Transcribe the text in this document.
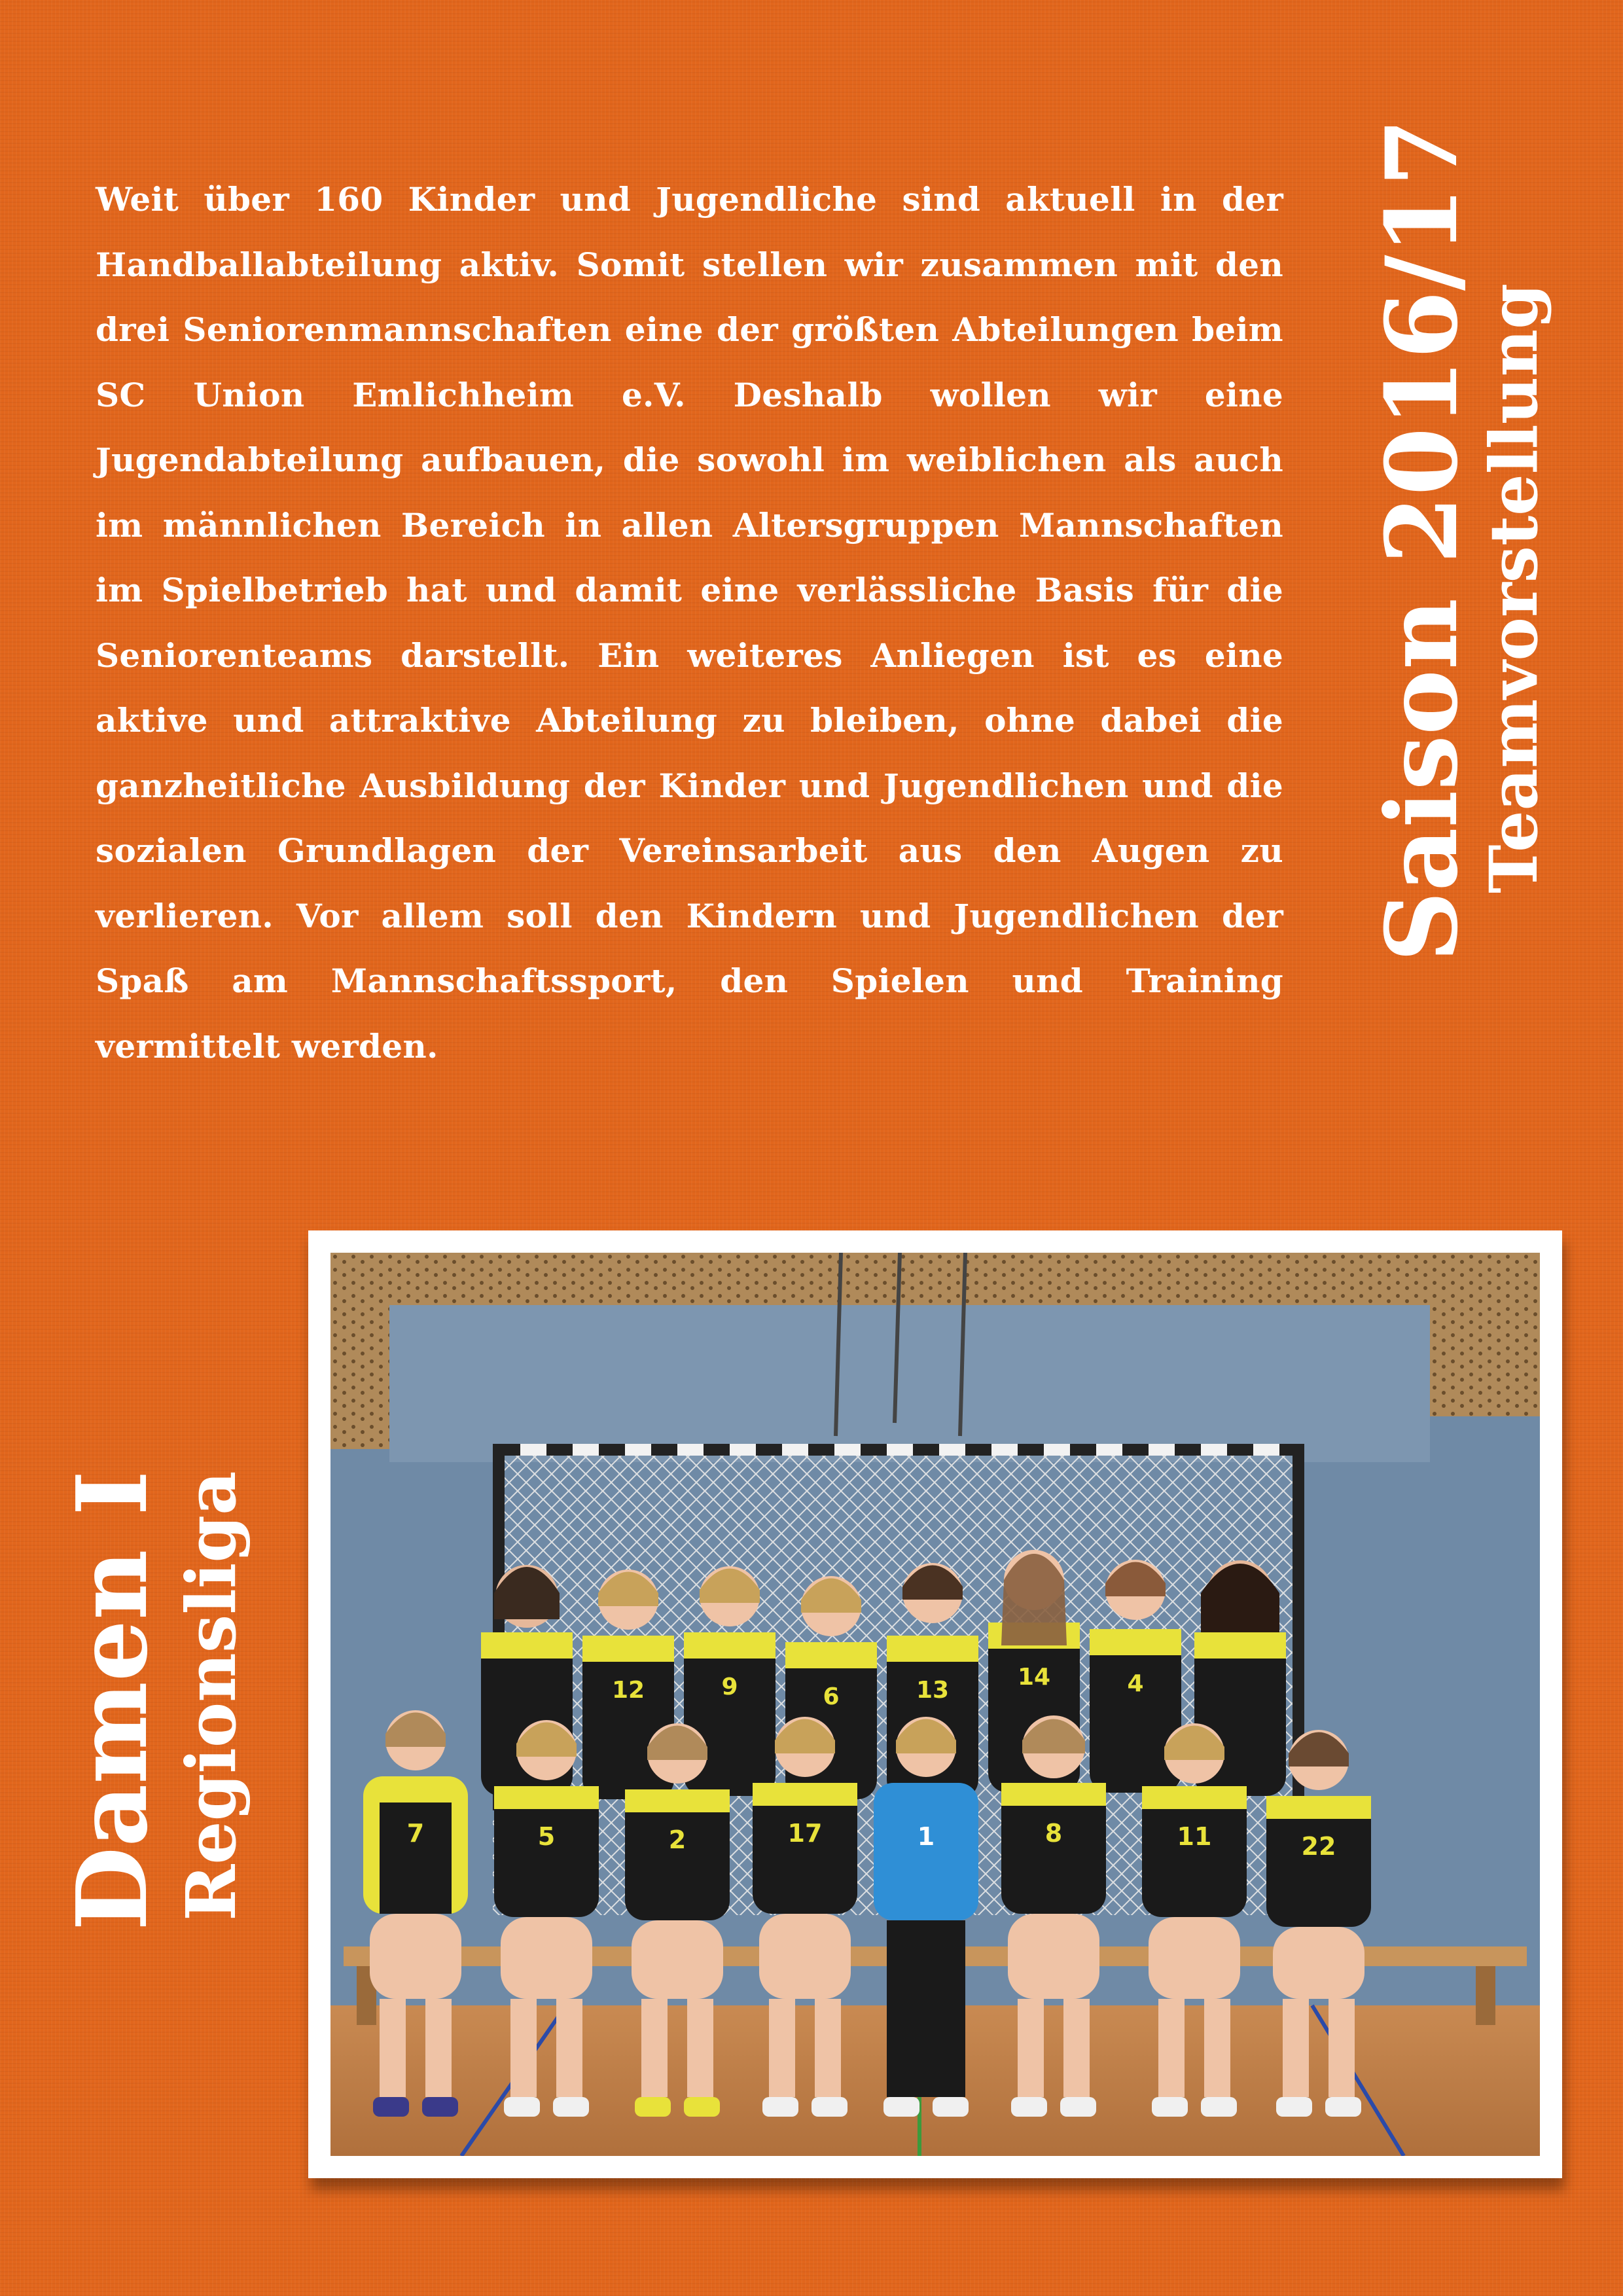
Weit über 160 Kinder und Jugendliche sind aktuell in der Handballabteilung aktiv. Somit stellen wir zusammen mit den drei Seniorenmannschaften eine der größten Abteilungen beim SC Union Emlichheim e.V. Deshalb wollen wir eine Jugendabteilung aufbauen, die sowohl im weiblichen als auch im männlichen Bereich in allen Altersgruppen Mannschaften im Spielbetrieb hat und damit eine verlässliche Basis für die Seniorenteams darstellt. Ein weiteres Anliegen ist es eine aktive und attraktive Abteilung zu bleiben, ohne dabei die ganzheitliche Ausbildung der Kinder und Jugendlichen und die sozialen Grundlagen der Vereinsarbeit aus den Augen zu verlieren. Vor allem soll den Kindern und Jugendlichen der Spaß am Mannschaftssport, den Spielen und Training vermittelt werden.

Saison 2016/17
Teamvorstellung
Damen I Regionsliga	12	9	6	13	14	4
7	5	2	17	1	8	11	22
